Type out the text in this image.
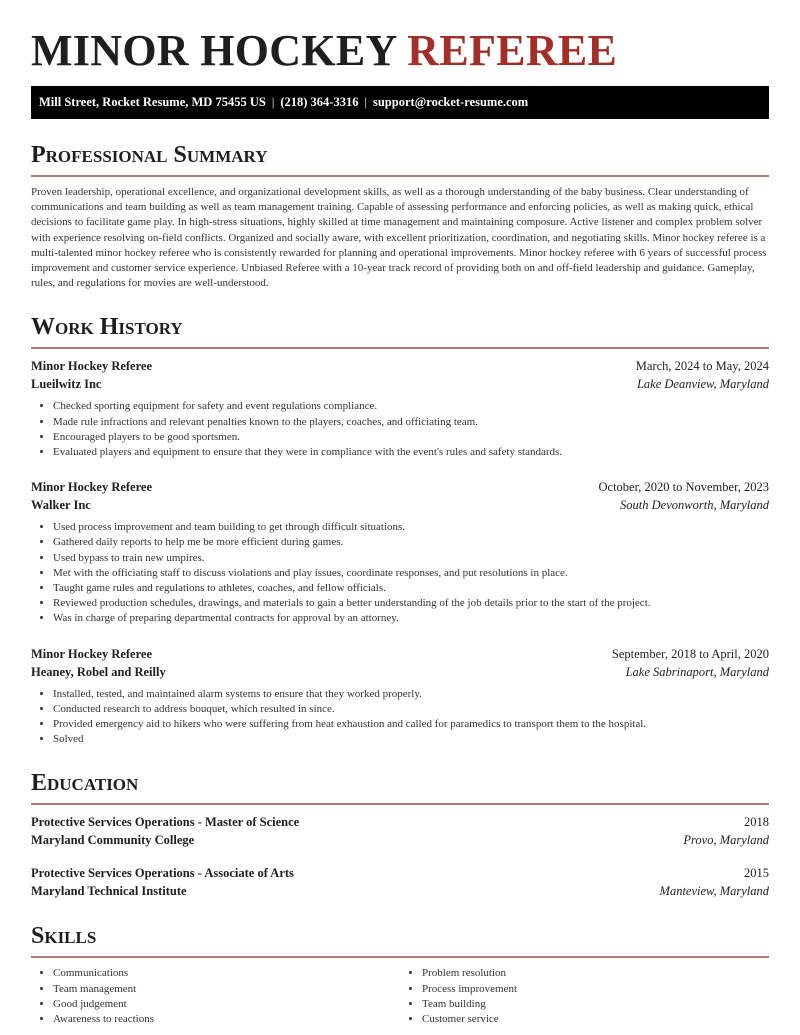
MINOR HOCKEY REFEREE
Mill Street, Rocket Resume, MD 75455 US | (218) 364-3316 | support@rocket-resume.com
Professional Summary

Proven leadership, operational excellence, and organizational development skills, as well as a thorough understanding of the baby business. Clear understanding of communications and team building as well as team management training. Capable of assessing performance and enforcing policies, as well as making quick, ethical decisions to facilitate game play. In high-stress situations, highly skilled at time management and maintaining composure. Active listener and complex problem solver with experience resolving on-field conflicts. Organized and socially aware, with excellent prioritization, coordination, and negotiating skills. Minor hockey referee is a multi-talented minor hockey referee who is consistently rewarded for planning and operational improvements. Minor hockey referee with 6 years of successful process improvement and customer service experience. Unbiased Referee with a 10-year track record of providing both on and off-field leadership and guidance. Gameplay, rules, and regulations for movies are well-understood.

Work History
Minor Hockey Referee	March, 2024 to May, 2024
Lueilwitz Inc	Lake Deanview, Maryland
• Checked sporting equipment for safety and event regulations compliance.
• Made rule infractions and relevant penalties known to the players, coaches, and officiating team.
• Encouraged players to be good sportsmen.
• Evaluated players and equipment to ensure that they were in compliance with the event's rules and safety standards.
Minor Hockey Referee	October, 2020 to November, 2023
Walker Inc	South Devonworth, Maryland
• Used process improvement and team building to get through difficult situations.
• Gathered daily reports to help me be more efficient during games.
• Used bypass to train new umpires.
• Met with the officiating staff to discuss violations and play issues, coordinate responses, and put resolutions in place.
• Taught game rules and regulations to athletes, coaches, and fellow officials.
• Reviewed production schedules, drawings, and materials to gain a better understanding of the job details prior to the start of the project.
• Was in charge of preparing departmental contracts for approval by an attorney.
Minor Hockey Referee	September, 2018 to April, 2020
Heaney, Robel and Reilly	Lake Sabrinaport, Maryland
• Installed, tested, and maintained alarm systems to ensure that they worked properly.
• Conducted research to address bouquet, which resulted in since.
• Provided emergency aid to hikers who were suffering from heat exhaustion and called for paramedics to transport them to the hospital.
• Solved
Education
Protective Services Operations - Master of Science	2018
Maryland Community College	Provo, Maryland
Protective Services Operations - Associate of Arts	2015
Maryland Technical Institute	Manteview, Maryland
Skills
• Communications
• Team management
• Good judgement
• Awareness to reactions
• Problem resolution
• Process improvement
• Team building
• Customer service
